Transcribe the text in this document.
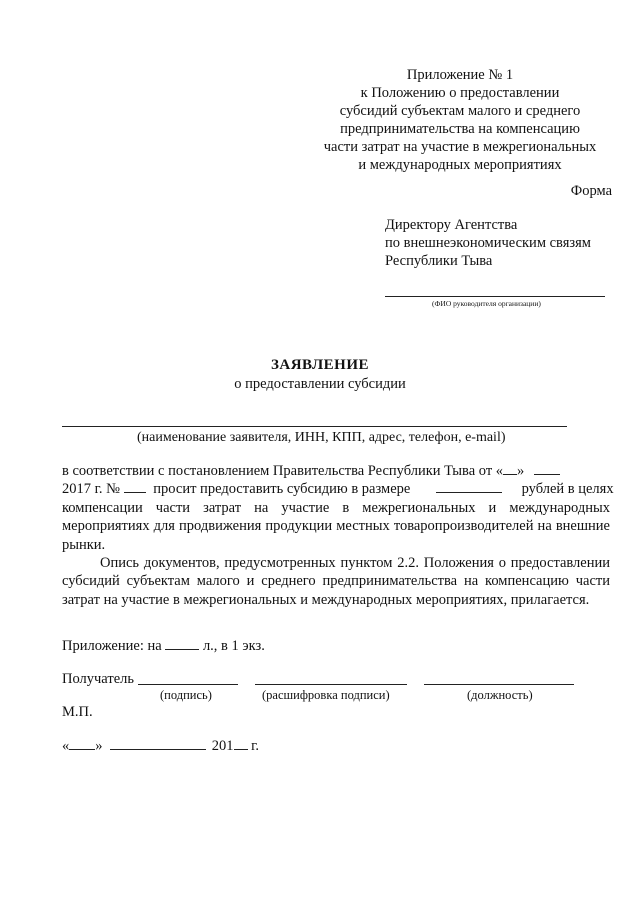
Приложение № 1
к Положению о предоставлении
субсидий субъектам малого и среднего
предпринимательства на компенсацию
части затрат на участие в межрегиональных
и международных мероприятиях
Форма
Директору Агентства
по внешнеэкономическим связям
Республики Тыва
(ФИО руководителя организации)
ЗАЯВЛЕНИЕ
о предоставлении субсидии
(наименование заявителя, ИНН, КПП, адрес, телефон, e-mail)
в соответствии с постановлением Правительства Республики Тыва от « »
2017 г. № просит предоставить субсидию в размере	рублей в целях

компенсации части затрат на участие в межрегиональных и международных мероприятиях для продвижения продукции местных товаропроизводителей на внешние рынки.

Опись документов, предусмотренных пунктом 2.2. Положения о предоставлении субсидий субъектам малого и среднего предпринимательства на компенсацию части затрат на участие в межрегиональных и международных мероприятиях, прилагается.

Приложение: на	л., в 1 экз.
Получатель
(подпись)	(расшифровка подписи)	(должность)
М.П.
« »	201 г.
